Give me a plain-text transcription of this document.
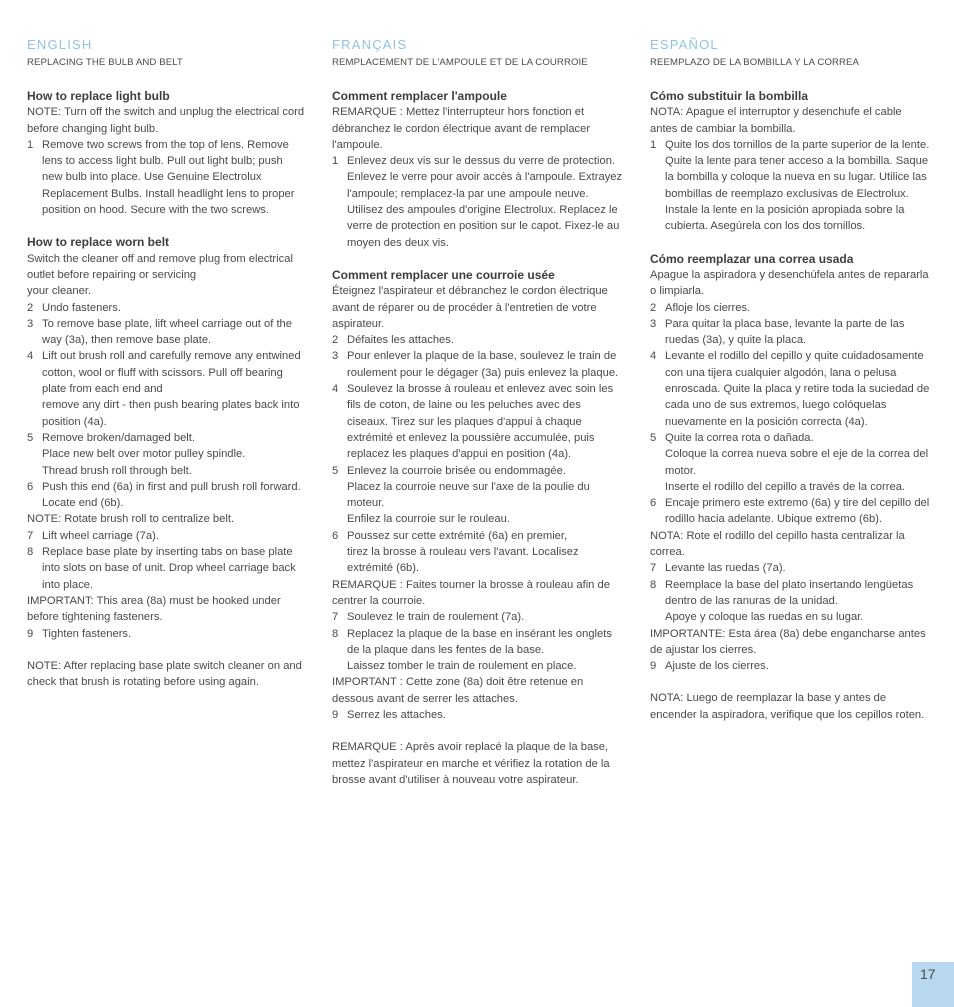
ENGLISH
REPLACING THE BULB AND BELT
How to replace light bulb
NOTE: Turn off the switch and unplug the electrical cord before changing light bulb.
1 Remove two screws from the top of lens. Remove lens to access light bulb. Pull out light bulb; push new bulb into place. Use Genuine Electrolux Replacement Bulbs. Install headlight lens to proper position on hood. Secure with the two screws.
How to replace worn belt
Switch the cleaner off and remove plug from electrical outlet before repairing or servicing
your cleaner.
2 Undo fasteners.
3 To remove base plate, lift wheel carriage out of the way (3a), then remove base plate.
4 Lift out brush roll and carefully remove any entwined cotton, wool or fluff with scissors. Pull off bearing plate from each end and
remove any dirt - then push bearing plates back into position (4a).
5 Remove broken/damaged belt.
Place new belt over motor pulley spindle.
Thread brush roll through belt.
6 Push this end (6a) in first and pull brush roll forward. Locate end (6b).
NOTE: Rotate brush roll to centralize belt.
7 Lift wheel carriage (7a).
8 Replace base plate by inserting tabs on base plate into slots on base of unit. Drop wheel carriage back into place.
IMPORTANT: This area (8a) must be hooked under before tightening fasteners.
9 Tighten fasteners.
NOTE: After replacing base plate switch cleaner on and check that brush is rotating before using again.
FRANÇAIS
REMPLACEMENT DE L'AMPOULE ET DE LA COURROIE
Comment remplacer l'ampoule
REMARQUE : Mettez l'interrupteur hors fonction et débranchez le cordon électrique avant de remplacer l'ampoule.
1 Enlevez deux vis sur le dessus du verre de protection. Enlevez le verre pour avoir accès à l'ampoule. Extrayez l'ampoule; remplacez-la par une ampoule neuve. Utilisez des ampoules d'origine Electrolux. Replacez le verre de protection en position sur le capot. Fixez-le au moyen des deux vis.
Comment remplacer une courroie usée
Éteignez l'aspirateur et débranchez le cordon électrique avant de réparer ou de procéder à l'entretien de votre aspirateur.
2 Défaites les attaches.
3 Pour enlever la plaque de la base, soulevez le train de roulement pour le dégager (3a) puis enlevez la plaque.
4 Soulevez la brosse à rouleau et enlevez avec soin les fils de coton, de laine ou les peluches avec des ciseaux. Tirez sur les plaques d'appui à chaque extrémité et enlevez la poussière accumulée, puis replacez les plaques d'appui en position (4a).
5 Enlevez la courroie brisée ou endommagée.
Placez la courroie neuve sur l'axe de la poulie du moteur.
Enfilez la courroie sur le rouleau.
6 Poussez sur cette extrémité (6a) en premier,
tirez la brosse à rouleau vers l'avant. Localisez extrémité (6b).
REMARQUE : Faites tourner la brosse à rouleau afin de centrer la courroie.
7 Soulevez le train de roulement (7a).
8 Replacez la plaque de la base en insérant les onglets de la plaque dans les fentes de la base.
Laissez tomber le train de roulement en place.
IMPORTANT : Cette zone (8a) doit être retenue en dessous avant de serrer les attaches.
9 Serrez les attaches.
REMARQUE : Après avoir replacé la plaque de la base, mettez l'aspirateur en marche et vérifiez la rotation de la brosse avant d'utiliser à nouveau votre aspirateur.
ESPAÑOL
REEMPLAZO DE LA BOMBILLA Y LA CORREA
Cómo substituir la bombilla
NOTA: Apague el interruptor y desenchufe el cable antes de cambiar la bombilla.
1 Quite los dos tornillos de la parte superior de la lente. Quite la lente para tener acceso a la bombilla. Saque la bombilla y coloque la nueva en su lugar. Utilice las bombillas de reemplazo exclusivas de Electrolux. Instale la lente en la posición apropiada sobre la cubierta. Asegúrela con los dos tornillos.
Cómo reemplazar una correa usada
Apague la aspiradora y desenchúfela antes de repararla o limpiarla.
2 Afloje los cierres.
3 Para quitar la placa base, levante la parte de las ruedas (3a), y quite la placa.
4 Levante el rodillo del cepillo y quite cuidadosamente con una tijera cualquier algodón, lana o pelusa enroscada. Quite la placa y retire toda la suciedad de cada uno de sus extremos, luego colóquelas nuevamente en la posición correcta (4a).
5 Quite la correa rota o dañada.
Coloque la correa nueva sobre el eje de la correa del motor.
Inserte el rodillo del cepillo a través de la correa.
6 Encaje primero este extremo (6a) y tire del cepillo del rodillo hacia adelante. Ubique extremo (6b).
NOTA: Rote el rodillo del cepillo hasta centralizar la correa.
7 Levante las ruedas (7a).
8 Reemplace la base del plato insertando lengüetas dentro de las ranuras de la unidad.
Apoye y coloque las ruedas en su lugar.
IMPORTANTE: Esta área (8a) debe engancharse antes de ajustar los cierres.
9 Ajuste de los cierres.
NOTA: Luego de reemplazar la base y antes de encender la aspiradora, verifique que los cepillos roten.
17
